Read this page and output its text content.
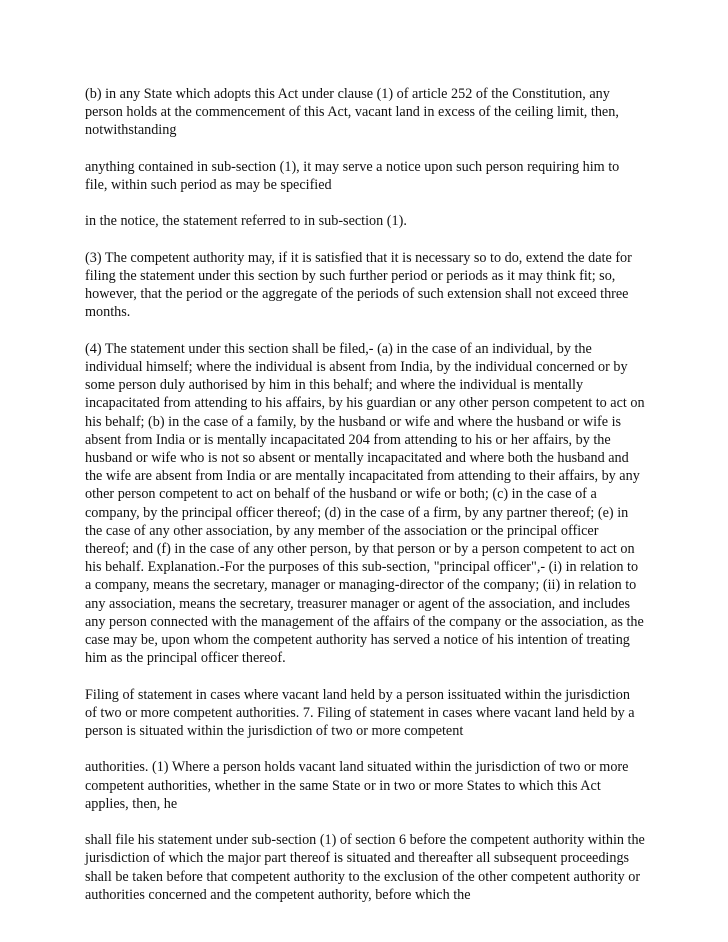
(b) in any State which adopts this Act under clause (1) of article 252 of the Constitution, any person holds at the commencement of this Act, vacant land in excess of the ceiling limit, then, notwithstanding

anything contained in sub-section (1), it may serve a notice upon such person requiring him to file, within such period as may be specified

in the notice, the statement referred to in sub-section (1).

(3) The competent authority may, if it is satisfied that it is necessary so to do, extend the date for filing the statement under this section by such further period or periods as it may think fit; so, however, that the period or the aggregate of the periods of such extension shall not exceed three months.

(4) The statement under this section shall be filed,- (a) in the case of an individual, by the individual himself; where the individual is absent from India, by the individual concerned or by some person duly authorised by him in this behalf; and where the individual is mentally incapacitated from attending to his affairs, by his guardian or any other person competent to act on his behalf; (b) in the case of a family, by the husband or wife and where the husband or wife is absent from India or is mentally incapacitated 204 from attending to his or her affairs, by the husband or wife who is not so absent or mentally incapacitated and where both the husband and the wife are absent from India or are mentally incapacitated from attending to their affairs, by any other person competent to act on behalf of the husband or wife or both; (c) in the case of a company, by the principal officer thereof; (d) in the case of a firm, by any partner thereof; (e) in the case of any other association, by any member of the association or the principal officer thereof; and (f) in the case of any other person, by that person or by a person competent to act on his behalf. Explanation.-For the purposes of this sub-section, "principal officer",- (i) in relation to a company, means the secretary, manager or managing-director of the company; (ii) in relation to any association, means the secretary, treasurer manager or agent of the association, and includes any person connected with the management of the affairs of the company or the association, as the case may be, upon whom the competent authority has served a notice of his intention of treating him as the principal officer thereof.

Filing of statement in cases where vacant land held by a person issituated within the jurisdiction of two or more competent authorities. 7. Filing of statement in cases where vacant land held by a person is situated within the jurisdiction of two or more competent

authorities. (1) Where a person holds vacant land situated within the jurisdiction of two or more competent authorities, whether in the same State or in two or more States to which this Act applies, then, he

shall file his statement under sub-section (1) of section 6 before the competent authority within the jurisdiction of which the major part thereof is situated and thereafter all subsequent proceedings shall be taken before that competent authority to the exclusion of the other competent authority or authorities concerned and the competent authority, before which the
